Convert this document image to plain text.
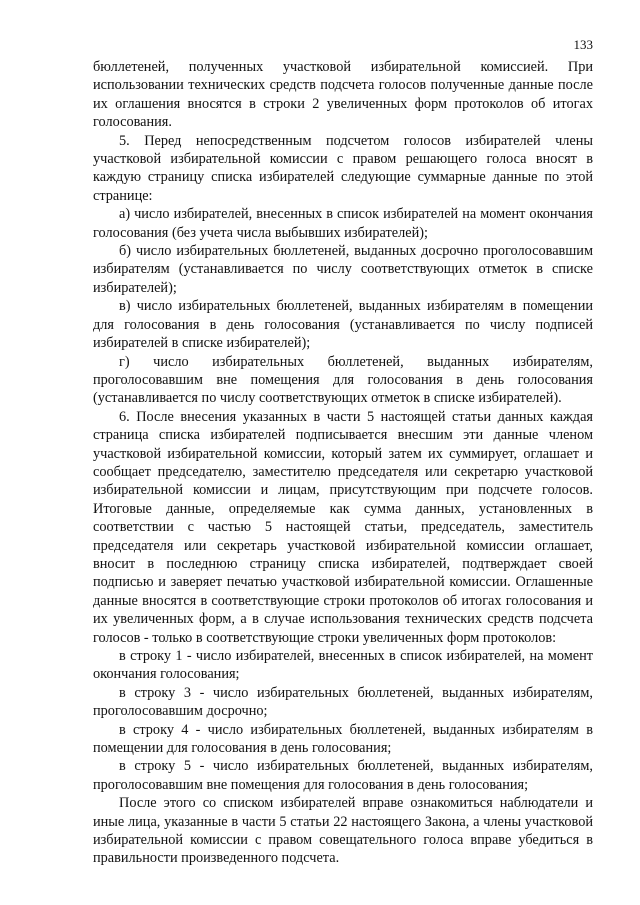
133

бюллетеней, полученных участковой избирательной комиссией. При использовании технических средств подсчета голосов полученные данные после их оглашения вносятся в строки 2 увеличенных форм протоколов об итогах голосования.

5. Перед непосредственным подсчетом голосов избирателей члены участковой избирательной комиссии с правом решающего голоса вносят в каждую страницу списка избирателей следующие суммарные данные по этой странице:

а) число избирателей, внесенных в список избирателей на момент окончания голосования (без учета числа выбывших избирателей);

б) число избирательных бюллетеней, выданных досрочно проголосовавшим избирателям (устанавливается по числу соответствующих отметок в списке избирателей);

в) число избирательных бюллетеней, выданных избирателям в помещении для голосования в день голосования (устанавливается по числу подписей избирателей в списке избирателей);

г) число избирательных бюллетеней, выданных избирателям, проголосовавшим вне помещения для голосования в день голосования (устанавливается по числу соответствующих отметок в списке избирателей).

6. После внесения указанных в части 5 настоящей статьи данных каждая страница списка избирателей подписывается внесшим эти данные членом участковой избирательной комиссии, который затем их суммирует, оглашает и сообщает председателю, заместителю председателя или секретарю участковой избирательной комиссии и лицам, присутствующим при подсчете голосов. Итоговые данные, определяемые как сумма данных, установленных в соответствии с частью 5 настоящей статьи, председатель, заместитель председателя или секретарь участковой избирательной комиссии оглашает, вносит в последнюю страницу списка избирателей, подтверждает своей подписью и заверяет печатью участковой избирательной комиссии. Оглашенные данные вносятся в соответствующие строки протоколов об итогах голосования и их увеличенных форм, а в случае использования технических средств подсчета голосов - только в соответствующие строки увеличенных форм протоколов:

в строку 1 - число избирателей, внесенных в список избирателей, на момент окончания голосования;

в строку 3 - число избирательных бюллетеней, выданных избирателям, проголосовавшим досрочно;

в строку 4 - число избирательных бюллетеней, выданных избирателям в помещении для голосования в день голосования;

в строку 5 - число избирательных бюллетеней, выданных избирателям, проголосовавшим вне помещения для голосования в день голосования;

После этого со списком избирателей вправе ознакомиться наблюдатели и иные лица, указанные в части 5 статьи 22 настоящего Закона, а члены участковой избирательной комиссии с правом совещательного голоса вправе убедиться в правильности произведенного подсчета.
